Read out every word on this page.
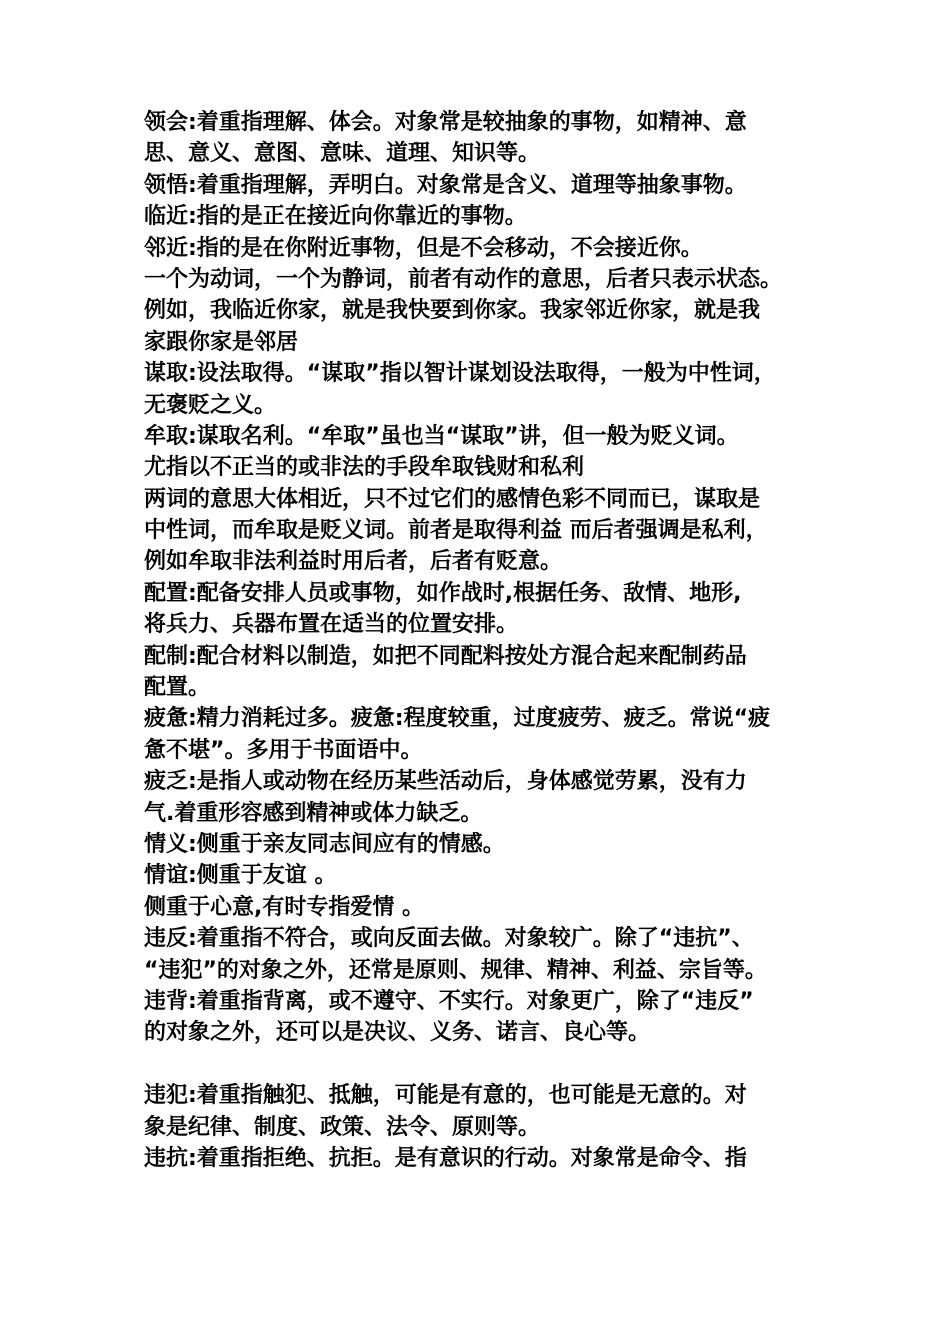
领会:着重指理解、体会。对象常是较抽象的事物，如精神、意
思、意义、意图、意味、道理、知识等。
领悟:着重指理解，弄明白。对象常是含义、道理等抽象事物。
临近:指的是正在接近向你靠近的事物。
邻近:指的是在你附近事物，但是不会移动，不会接近你。
一个为动词，一个为静词，前者有动作的意思，后者只表示状态。
例如，我临近你家，就是我快要到你家。我家邻近你家，就是我
家跟你家是邻居
谋取:设法取得。“谋取”指以智计谋划设法取得，一般为中性词，
无褒贬之义。
牟取:谋取名利。“牟取”虽也当“谋取”讲，但一般为贬义词。
尤指以不正当的或非法的手段牟取钱财和私利
两词的意思大体相近，只不过它们的感情色彩不同而已，谋取是
中性词，而牟取是贬义词。前者是取得利益 而后者强调是私利，
例如牟取非法利益时用后者，后者有贬意。
配置:配备安排人员或事物，如作战时,根据任务、敌情、地形,
将兵力、兵器布置在适当的位置安排。
配制:配合材料以制造，如把不同配料按处方混合起来配制药品
配置。
疲惫:精力消耗过多。疲惫:程度较重，过度疲劳、疲乏。常说“疲
惫不堪”。多用于书面语中。
疲乏:是指人或动物在经历某些活动后，身体感觉劳累，没有力
气.着重形容感到精神或体力缺乏。
情义:侧重于亲友同志间应有的情感。
情谊:侧重于友谊 。
侧重于心意,有时专指爱情 。
违反:着重指不符合，或向反面去做。对象较广。除了“违抗”、
“违犯”的对象之外，还常是原则、规律、精神、利益、宗旨等。
违背:着重指背离，或不遵守、不实行。对象更广，除了“违反”
的对象之外，还可以是决议、义务、诺言、良心等。
违犯:着重指触犯、抵触，可能是有意的，也可能是无意的。对
象是纪律、制度、政策、法令、原则等。
违抗:着重指拒绝、抗拒。是有意识的行动。对象常是命令、指
